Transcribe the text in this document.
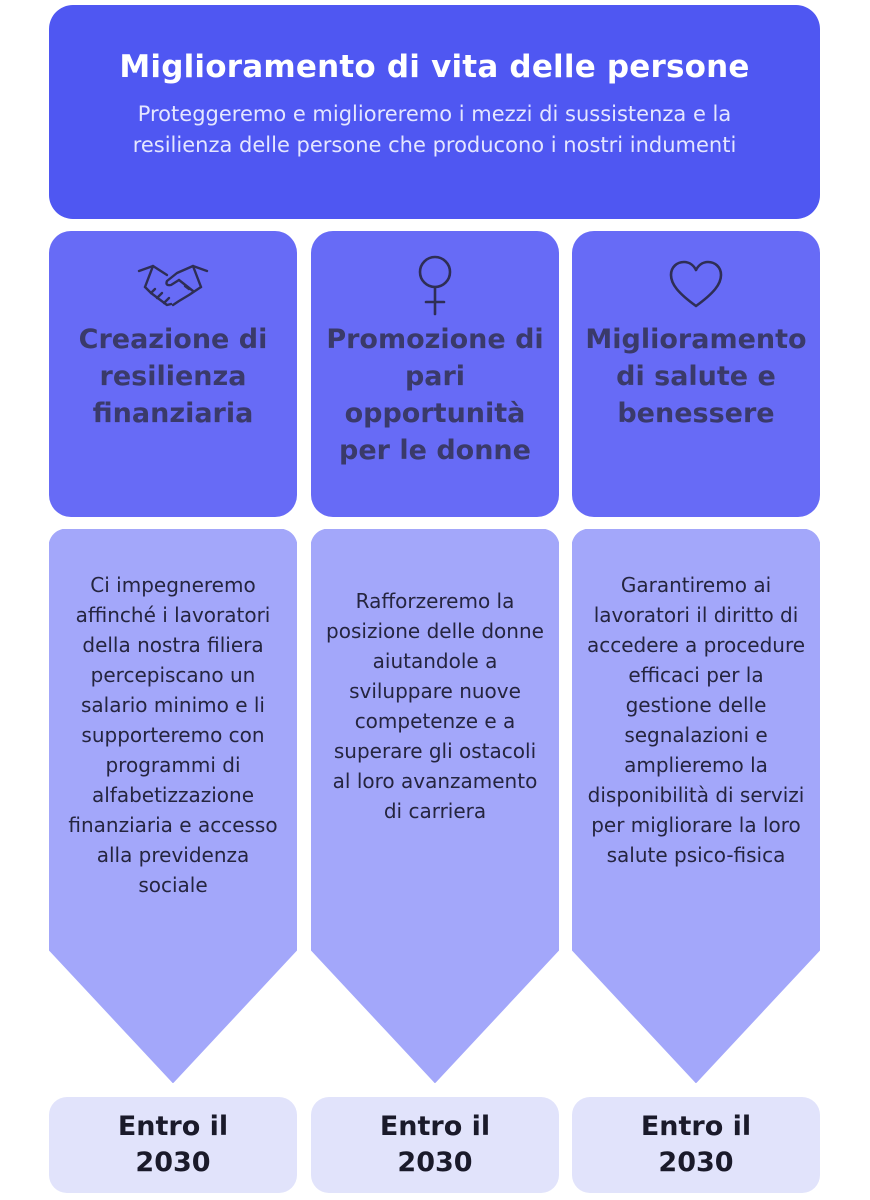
Miglioramento di vita delle persone
Proteggeremo e miglioreremo i mezzi di sussistenza e la resilienza delle persone che producono i nostri indumenti
Creazione di resilienza finanziaria
Promozione di pari opportunità per le donne
Miglioramento di salute e benessere
Ci impegneremo affinché i lavoratori della nostra filiera percepiscano un salario minimo e li supporteremo con programmi di alfabetizzazione finanziaria e accesso alla previdenza sociale
Rafforzeremo la posizione delle donne aiutandole a sviluppare nuove competenze e a superare gli ostacoli al loro avanzamento di carriera
Garantiremo ai lavoratori il diritto di accedere a procedure efficaci per la gestione delle segnalazioni e amplieremo la disponibilità di servizi per migliorare la loro salute psico-fisica
Entro il 2030
Entro il 2030
Entro il 2030
